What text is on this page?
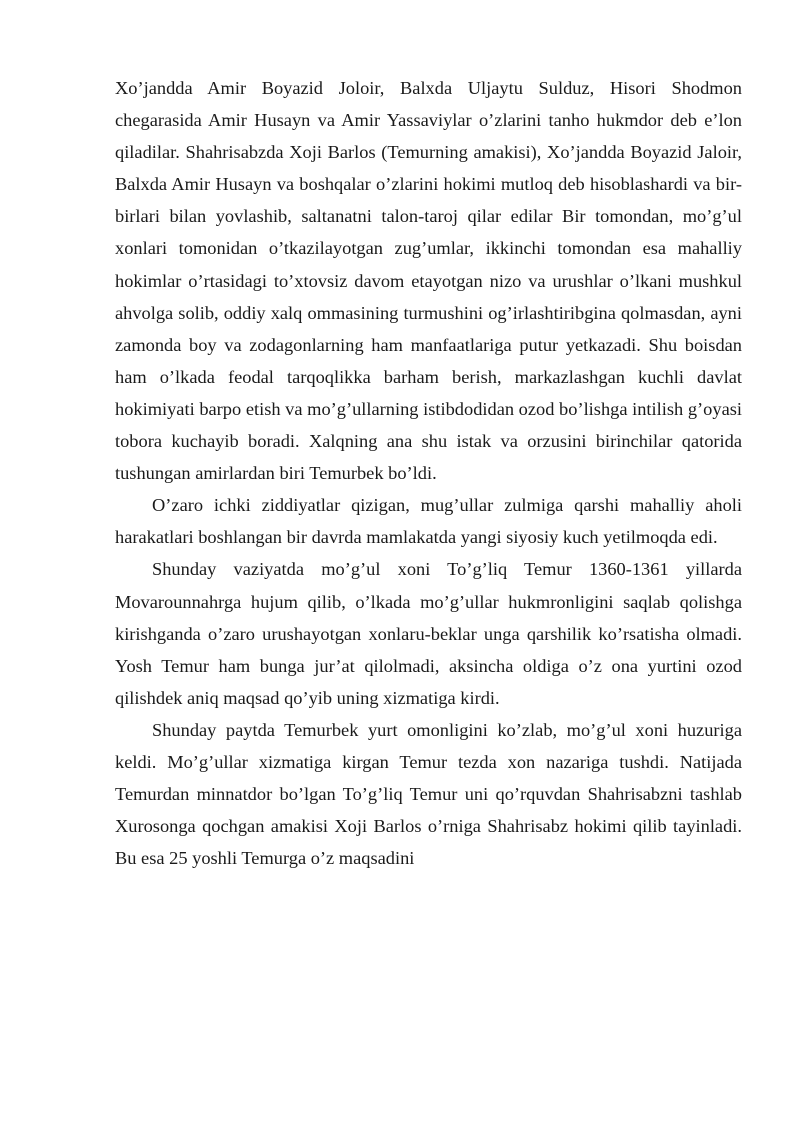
Xo’jandda Amir Boyazid Joloir, Balxda Uljaytu Sulduz, Hisori Shodmon chegarasida Amir Husayn va Amir Yassaviylar o’zlarini tanho hukmdor deb e’lon qiladilar. Shahrisabzda Xoji Barlos (Temurning amakisi), Xo’jandda Boyazid Jaloir, Balxda Amir Husayn va boshqalar o’zlarini hokimi mutloq deb hisoblashardi va bir-birlari bilan yovlashib, saltanatni talon-taroj qilar edilar Bir tomondan, mo’g’ul xonlari tomonidan o’tkazilayotgan zug’umlar, ikkinchi tomondan esa mahalliy hokimlar o’rtasidagi to’xtovsiz davom etayotgan nizo va urushlar o’lkani mushkul ahvolga solib, oddiy xalq ommasining turmushini og’irlashtiribgina qolmasdan, ayni zamonda boy va zodagonlarning ham manfaatlariga putur yetkazadi. Shu boisdan ham o’lkada feodal tarqoqlikka barham berish, markazlashgan kuchli davlat hokimiyati barpo etish va mo’g’ullarning istibdodidan ozod bo’lishga intilish g’oyasi tobora kuchayib boradi. Xalqning ana shu istak va orzusini birinchilar qatorida tushungan amirlardan biri Temurbek bo’ldi.

O’zaro ichki ziddiyatlar qizigan, mug’ullar zulmiga qarshi mahalliy aholi harakatlari boshlangan bir davrda mamlakatda yangi siyosiy kuch yetilmoqda edi.

Shunday vaziyatda mo’g’ul xoni To’g’liq Temur 1360-1361 yillarda Movarounnahrga hujum qilib, o’lkada mo’g’ullar hukmronligini saqlab qolishga kirishganda o’zaro urushayotgan xonlaru-beklar unga qarshilik ko’rsatisha olmadi. Yosh Temur ham bunga jur’at qilolmadi, aksincha oldiga o’z ona yurtini ozod qilishdek aniq maqsad qo’yib uning xizmatiga kirdi.

Shunday paytda Temurbek yurt omonligini ko’zlab, mo’g’ul xoni huzuriga keldi. Mo’g’ullar xizmatiga kirgan Temur tezda xon nazariga tushdi. Natijada Temurdan minnatdor bo’lgan To’g’liq Temur uni qo’rquvdan Shahrisabzni tashlab Xurosonga qochgan amakisi Xoji Barlos o’rniga Shahrisabz hokimi qilib tayinladi. Bu esa 25 yoshli Temurga o’z maqsadini
